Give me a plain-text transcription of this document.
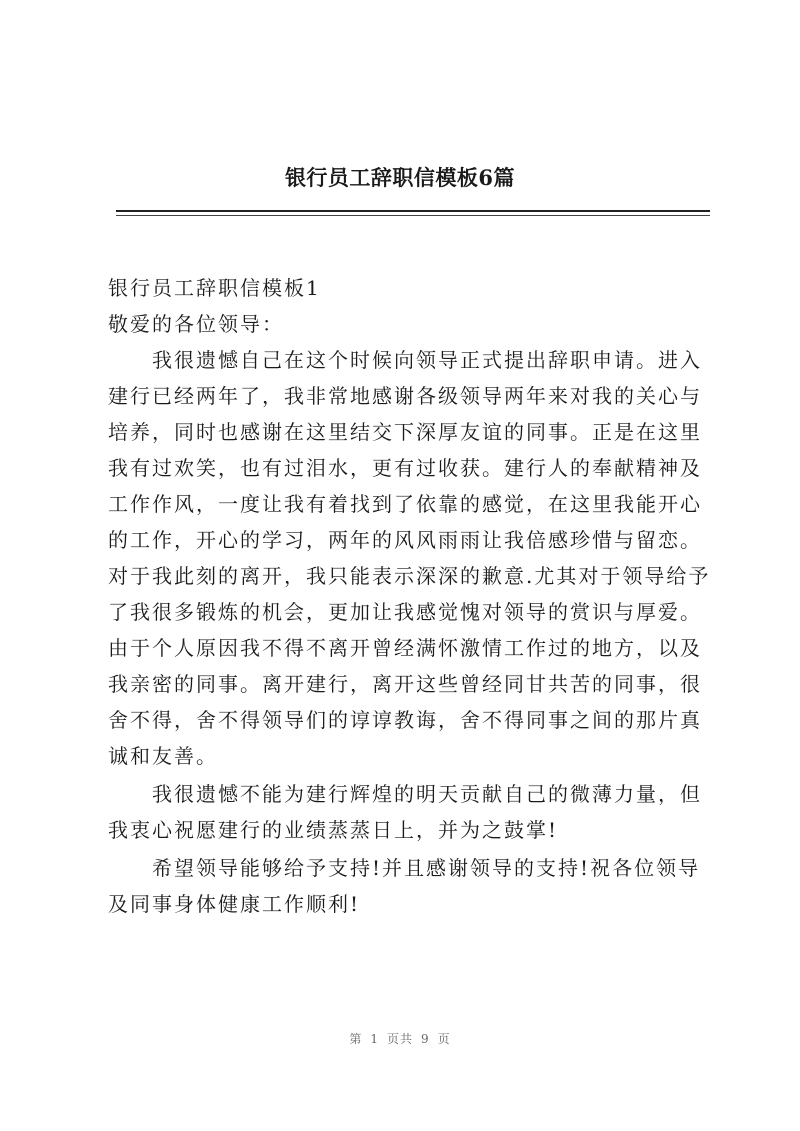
银行员工辞职信模板6篇

银行员工辞职信模板1

敬爱的各位领导：

我很遗憾自己在这个时候向领导正式提出辞职申请。进入建行已经两年了，我非常地感谢各级领导两年来对我的关心与培养，同时也感谢在这里结交下深厚友谊的同事。正是在这里我有过欢笑，也有过泪水，更有过收获。建行人的奉献精神及工作作风，一度让我有着找到了依靠的感觉，在这里我能开心的工作，开心的学习，两年的风风雨雨让我倍感珍惜与留恋。对于我此刻的离开，我只能表示深深的歉意.尤其对于领导给予了我很多锻炼的机会，更加让我感觉愧对领导的赏识与厚爱。由于个人原因我不得不离开曾经满怀激情工作过的地方，以及我亲密的同事。离开建行，离开这些曾经同甘共苦的同事，很舍不得，舍不得领导们的谆谆教诲，舍不得同事之间的那片真诚和友善。

我很遗憾不能为建行辉煌的明天贡献自己的微薄力量，但我衷心祝愿建行的业绩蒸蒸日上，并为之鼓掌!

希望领导能够给予支持!并且感谢领导的支持!祝各位领导及同事身体健康工作顺利!

第 1 页共 9 页
